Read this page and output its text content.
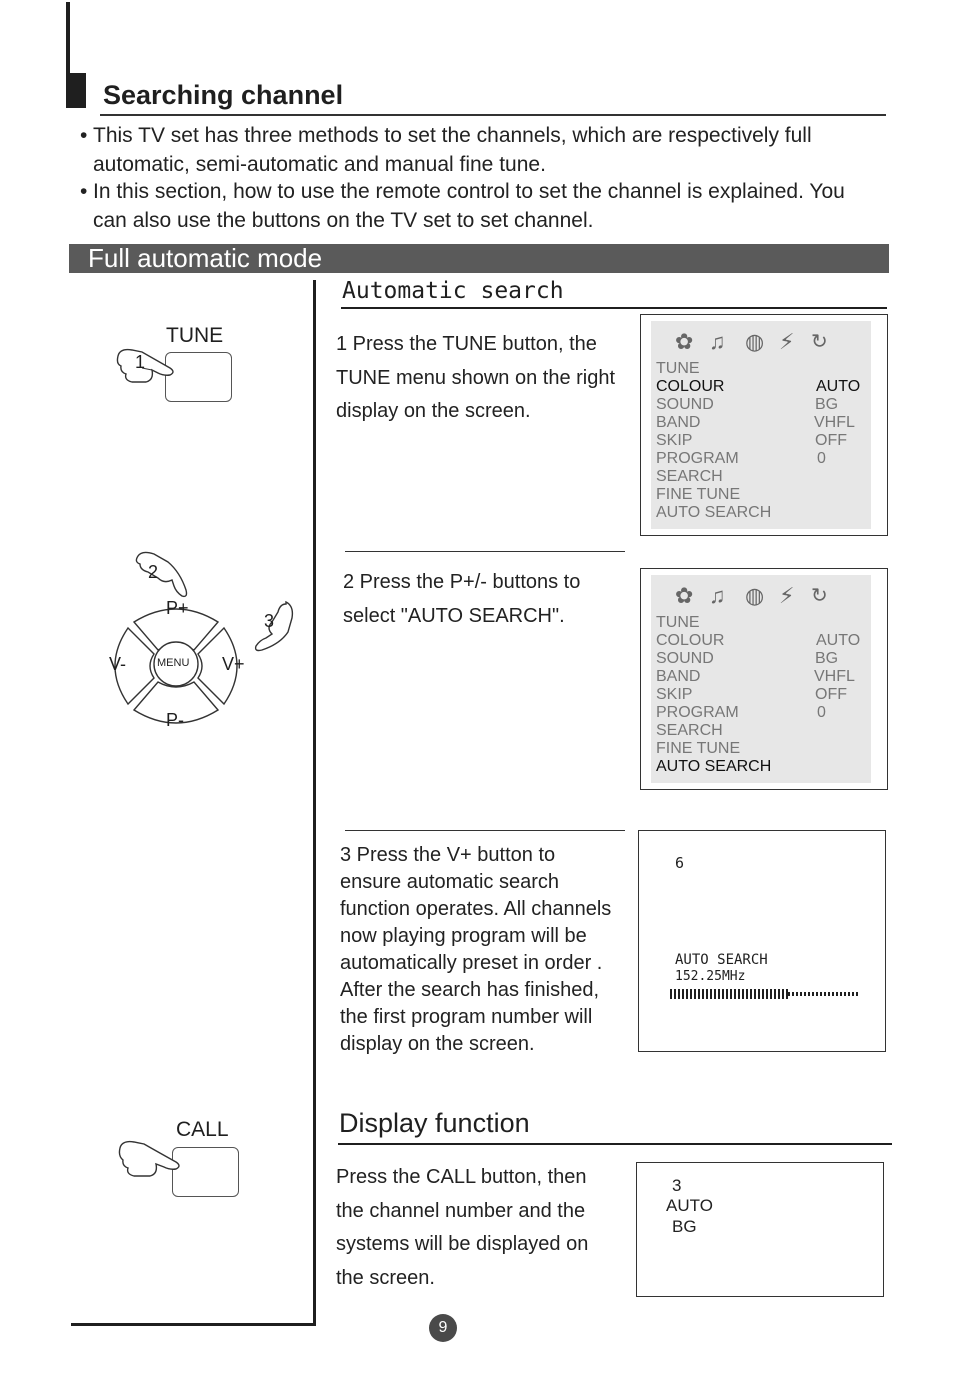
Searching channel
• This TV set has three methods to set the channels, which are respectively full automatic, semi-automatic and manual fine tune.
• In this section, how to use the remote control to set the channel is explained. You can also use the buttons on the TV set to set channel.
Full automatic mode
Automatic search
1 Press the TUNE button, the
TUNE menu shown on the right
display on the screen.
✿ ♫ ◍ ⚡ ↻
TUNE
COLOUR	AUTO
SOUND	BG
BAND	VHFL
SKIP	OFF
PROGRAM	0
SEARCH
FINE TUNE
AUTO SEARCH
2 Press the P+/- buttons to
select "AUTO SEARCH".
✿ ♫ ◍ ⚡ ↻
TUNE
COLOUR	AUTO
SOUND	BG
BAND	VHFL
SKIP	OFF
PROGRAM	0
SEARCH
FINE TUNE
AUTO SEARCH
3 Press the V+ button to
ensure automatic search
function operates. All channels
now playing program will be
automatically preset in order .
After the search has finished,
the first program number will
display on the screen.
6
AUTO SEARCH
152.25MHz
Display function
Press the CALL button, then
the channel number and the
systems will be displayed on
the screen.
3
AUTO
BG
TUNE
1
P+
P-
V-	V+
MENU
2
3
CALL
9
